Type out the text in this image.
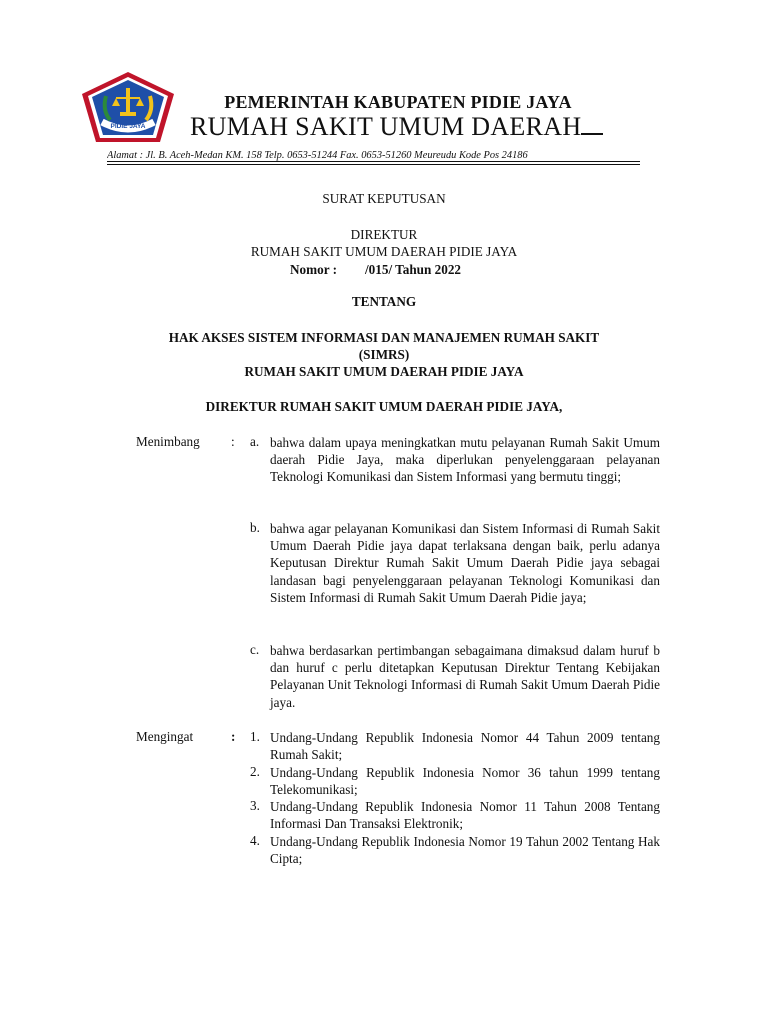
PIDIE JAYA
PEMERINTAH KABUPATEN PIDIE JAYA
RUMAH SAKIT UMUM DAERAH
Alamat : Jl. B. Aceh-Medan KM. 158 Telp. 0653-51244 Fax. 0653-51260 Meureudu Kode Pos 24186
SURAT KEPUTUSAN
DIREKTUR
RUMAH SAKIT UMUM DAERAH PIDIE JAYA
Nomor : /015/ Tahun 2022
TENTANG
HAK AKSES SISTEM INFORMASI DAN MANAJEMEN RUMAH SAKIT
(SIMRS)
RUMAH SAKIT UMUM DAERAH PIDIE JAYA
DIREKTUR RUMAH SAKIT UMUM DAERAH PIDIE JAYA,
Menimbang : a. bahwa dalam upaya meningkatkan mutu pelayanan Rumah Sakit Umum daerah Pidie Jaya, maka diperlukan penyelenggaraan pelayanan Teknologi Komunikasi dan Sistem Informasi yang bermutu tinggi;
b. bahwa agar pelayanan Komunikasi dan Sistem Informasi di Rumah Sakit Umum Daerah Pidie jaya dapat terlaksana dengan baik, perlu adanya Keputusan Direktur Rumah Sakit Umum Daerah Pidie jaya sebagai landasan bagi penyelenggaraan pelayanan Teknologi Komunikasi dan Sistem Informasi di Rumah Sakit Umum Daerah Pidie jaya;
c. bahwa berdasarkan pertimbangan sebagaimana dimaksud dalam huruf b dan huruf c perlu ditetapkan Keputusan Direktur Tentang Kebijakan Pelayanan Unit Teknologi Informasi di Rumah Sakit Umum Daerah Pidie jaya.
Mengingat	: 1. Undang-Undang Republik Indonesia Nomor 44 Tahun 2009 tentang Rumah Sakit;
2. Undang-Undang Republik Indonesia Nomor 36 tahun 1999 tentang Telekomunikasi;
3. Undang-Undang Republik Indonesia Nomor 11 Tahun 2008 Tentang Informasi Dan Transaksi Elektronik;
4. Undang-Undang Republik Indonesia Nomor 19 Tahun 2002 Tentang Hak Cipta;
